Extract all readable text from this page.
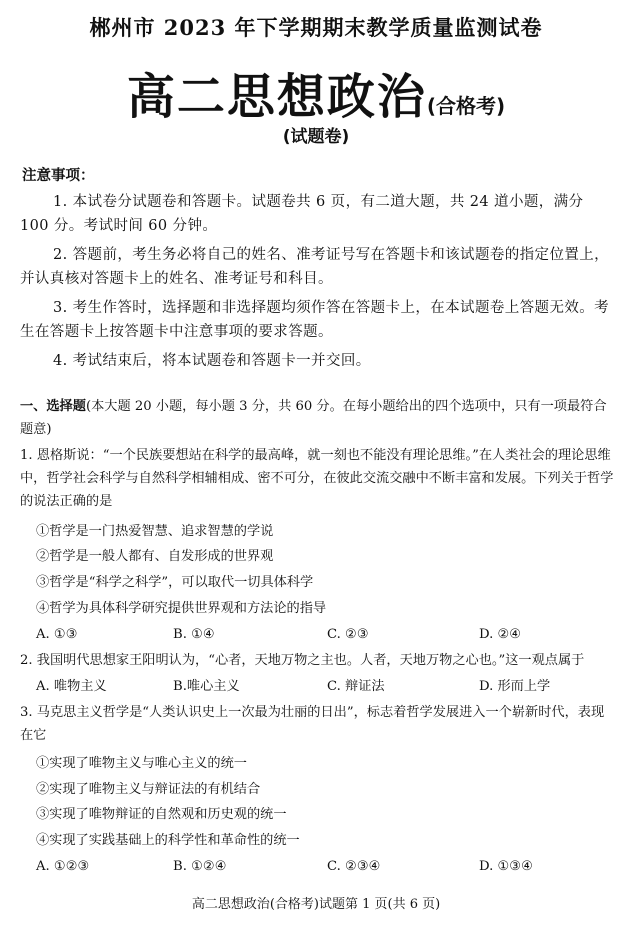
郴州市 2023 年下学期期末教学质量监测试卷
高二思想政治(合格考)
(试题卷)
注意事项：
1. 本试卷分试题卷和答题卡。试题卷共 6 页，有二道大题，共 24 道小题，满分 100 分。考试时间 60 分钟。
2. 答题前，考生务必将自己的姓名、准考证号写在答题卡和该试题卷的指定位置上，并认真核对答题卡上的姓名、准考证号和科目。
3. 考生作答时，选择题和非选择题均须作答在答题卡上，在本试题卷上答题无效。考生在答题卡上按答题卡中注意事项的要求答题。
4. 考试结束后，将本试题卷和答题卡一并交回。
一、选择题(本大题 20 小题，每小题 3 分，共 60 分。在每小题给出的四个选项中，只有一项最符合题意)
1. 恩格斯说：“一个民族要想站在科学的最高峰，就一刻也不能没有理论思维。”在人类社会的理论思维中，哲学社会科学与自然科学相辅相成、密不可分，在彼此交流交融中不断丰富和发展。下列关于哲学的说法正确的是
①哲学是一门热爱智慧、追求智慧的学说
②哲学是一般人都有、自发形成的世界观
③哲学是“科学之科学”，可以取代一切具体科学
④哲学为具体科学研究提供世界观和方法论的指导
A. ①③	B. ①④	C. ②③	D. ②④
2. 我国明代思想家王阳明认为，“心者，天地万物之主也。人者，天地万物之心也。”这一观点属于
A. 唯物主义	B.唯心主义	C. 辩证法	D. 形而上学
3. 马克思主义哲学是“人类认识史上一次最为壮丽的日出”，标志着哲学发展进入一个崭新时代，表现在它
①实现了唯物主义与唯心主义的统一
②实现了唯物主义与辩证法的有机结合
③实现了唯物辩证的自然观和历史观的统一
④实现了实践基础上的科学性和革命性的统一
A. ①②③	B. ①②④	C. ②③④	D. ①③④
高二思想政治(合格考)试题第 1 页(共 6 页)
